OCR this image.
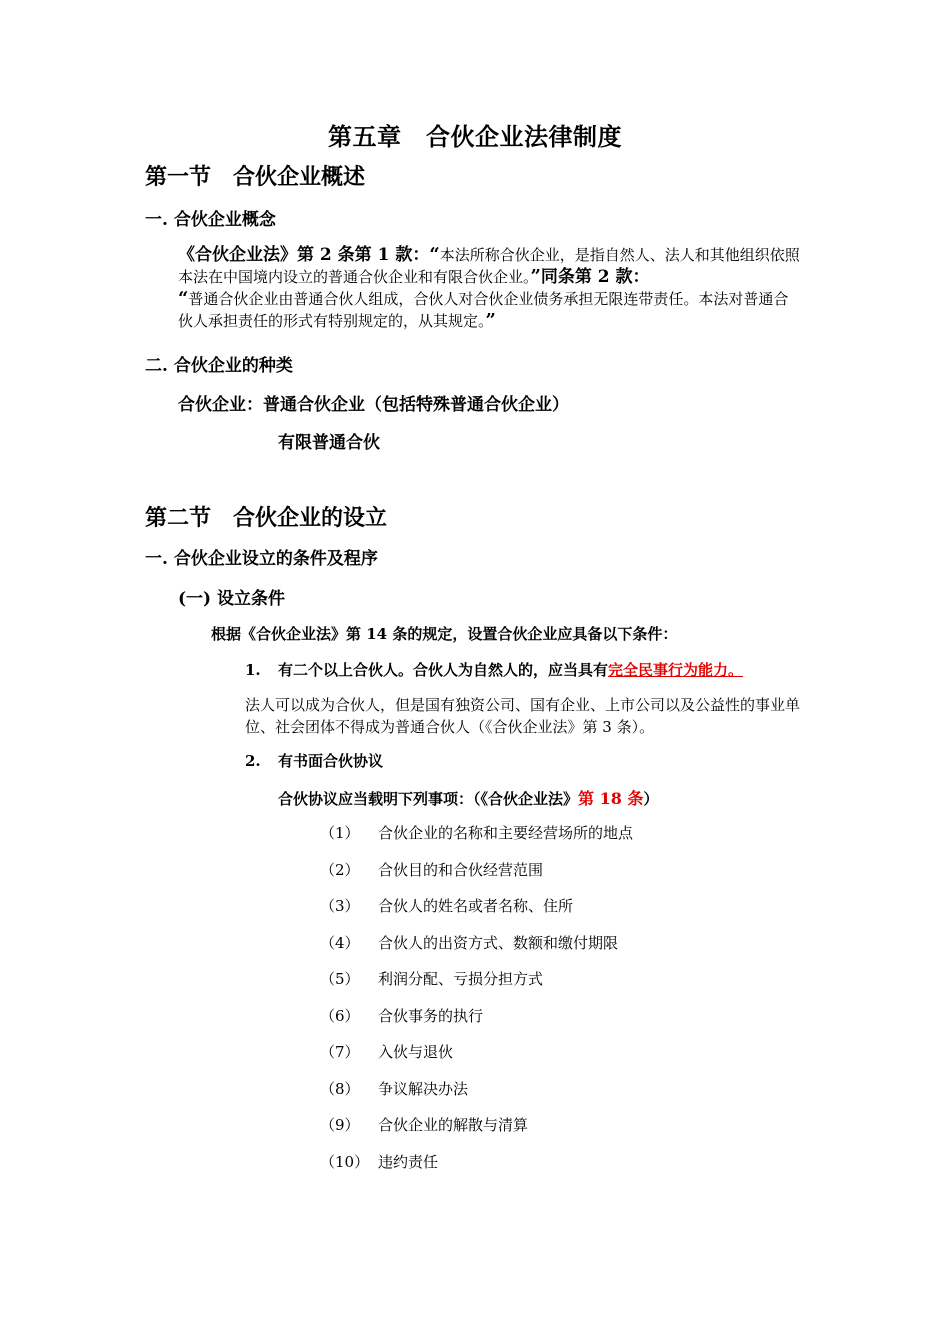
第五章　合伙企业法律制度
第一节　合伙企业概述
一. 合伙企业概念

《合伙企业法》第 2 条第 1 款：“本法所称合伙企业，是指自然人、法人和其他组织依照本法在中国境内设立的普通合伙企业和有限合伙企业。”同条第 2 款：
“普通合伙企业由普通合伙人组成，合伙人对合伙企业债务承担无限连带责任。本法对普通合伙人承担责任的形式有特别规定的，从其规定。”

二. 合伙企业的种类

合伙企业：普通合伙企业（包括特殊普通合伙企业）

有限普通合伙

第二节　合伙企业的设立
一. 合伙企业设立的条件及程序
(一) 设立条件

根据《合伙企业法》第 14 条的规定，设置合伙企业应具备以下条件：

1. 有二个以上合伙人。合伙人为自然人的，应当具有完全民事行为能力。

法人可以成为合伙人，但是国有独资公司、国有企业、上市公司以及公益性的事业单位、社会团体不得成为普通合伙人（《合伙企业法》第 3 条）。

2. 有书面合伙协议

合伙协议应当载明下列事项：（《合伙企业法》第 18 条）

（1） 合伙企业的名称和主要经营场所的地点

（2） 合伙目的和合伙经营范围

（3） 合伙人的姓名或者名称、住所

（4） 合伙人的出资方式、数额和缴付期限

（5） 利润分配、亏损分担方式

（6） 合伙事务的执行

（7） 入伙与退伙

（8） 争议解决办法

（9） 合伙企业的解散与清算

（10） 违约责任
